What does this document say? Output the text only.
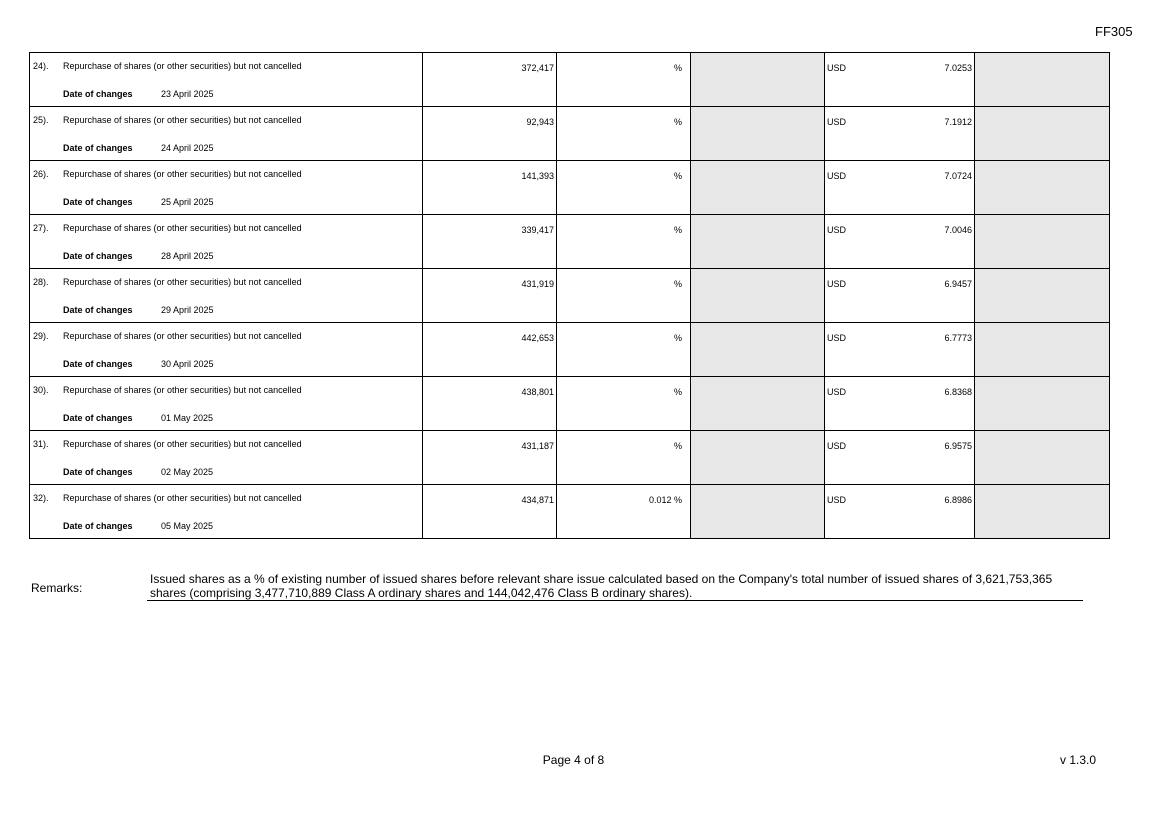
FF305
24). Repurchase of shares (or other securities) but not cancelled
Date of changes 23 April 2025	372,417	%		USD 7.0253	

25). Repurchase of shares (or other securities) but not cancelled
Date of changes 24 April 2025	92,943	%		USD 7.1912	

26). Repurchase of shares (or other securities) but not cancelled
Date of changes 25 April 2025	141,393	%		USD 7.0724	

27). Repurchase of shares (or other securities) but not cancelled
Date of changes 28 April 2025	339,417	%		USD 7.0046	

28). Repurchase of shares (or other securities) but not cancelled
Date of changes 29 April 2025	431,919	%		USD 6.9457	

29). Repurchase of shares (or other securities) but not cancelled
Date of changes 30 April 2025	442,653	%		USD 6.7773	

30). Repurchase of shares (or other securities) but not cancelled
Date of changes 01 May 2025	438,801	%		USD 6.8368	

31). Repurchase of shares (or other securities) but not cancelled
Date of changes 02 May 2025	431,187	%		USD 6.9575	

32). Repurchase of shares (or other securities) but not cancelled
Date of changes 05 May 2025	434,871	0.012 %		USD 6.8986	

Remarks:
Issued shares as a % of existing number of issued shares before relevant share issue calculated based on the Company's total number of issued shares of 3,621,753,365 shares (comprising 3,477,710,889 Class A ordinary shares and 144,042,476 Class B ordinary shares).
Page 4 of 8	v 1.3.0
